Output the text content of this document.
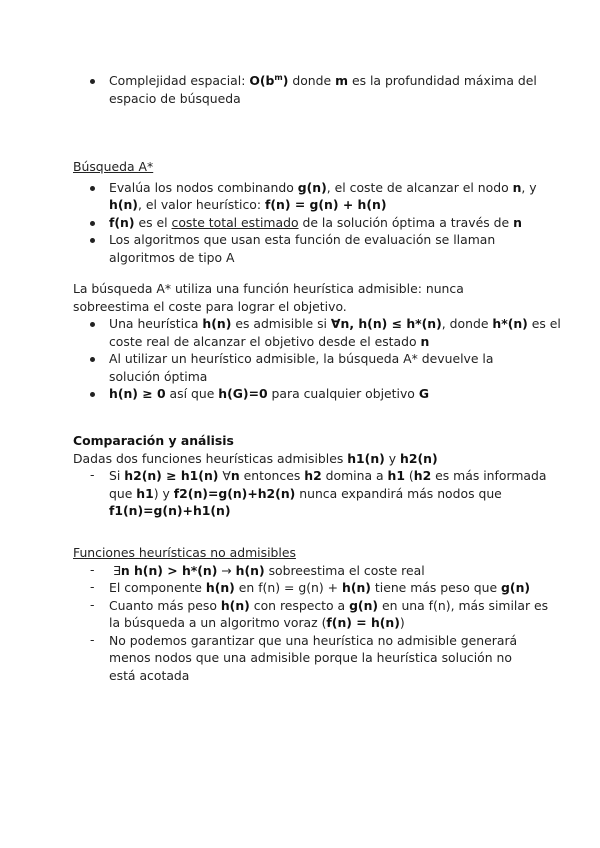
Complejidad espacial: $O(b^m)$ donde m es la profundidad máxima del

espacio de búsqueda

Búsqueda A*

Evalúa los nodos combinando g(n), el coste de alcanzar el nodo n, y

h(n), el valor heurístico: f(n) = g(n) + h(n)

f(n) es el coste total estimado de la solución óptima a través de n

Los algoritmos que usan esta función de evaluación se llaman

algoritmos de tipo A

La búsqueda A* utiliza una función heurística admisible: nunca

sobreestima el coste para lograr el objetivo.

Una heurística h(n) es admisible si ∀n, h(n) ≤ h*(n), donde h*(n) es el

coste real de alcanzar el objetivo desde el estado n

Al utilizar un heurístico admisible, la búsqueda A* devuelve la

solución óptima

h(n) ≥ 0 así que h(G)=0 para cualquier objetivo G

Comparación y análisis

Dadas dos funciones heurísticas admisibles h1(n) y h2(n)

- Si h2(n) ≥ h1(n) ∀n entonces h2 domina a h1 (h2 es más informada

que h1) y f2(n)=g(n)+h2(n) nunca expandirá más nodos que

f1(n)=g(n)+h1(n)

Funciones heurísticas no admisibles

-	∃n h(n) > h*(n) → h(n) sobreestima el coste real

- El componente h(n) en f(n) = g(n) + h(n) tiene más peso que g(n)

- Cuanto más peso h(n) con respecto a g(n) en una f(n), más similar es

la búsqueda a un algoritmo voraz (f(n) = h(n))

- No podemos garantizar que una heurística no admisible generará

menos nodos que una admisible porque la heurística solución no

está acotada
